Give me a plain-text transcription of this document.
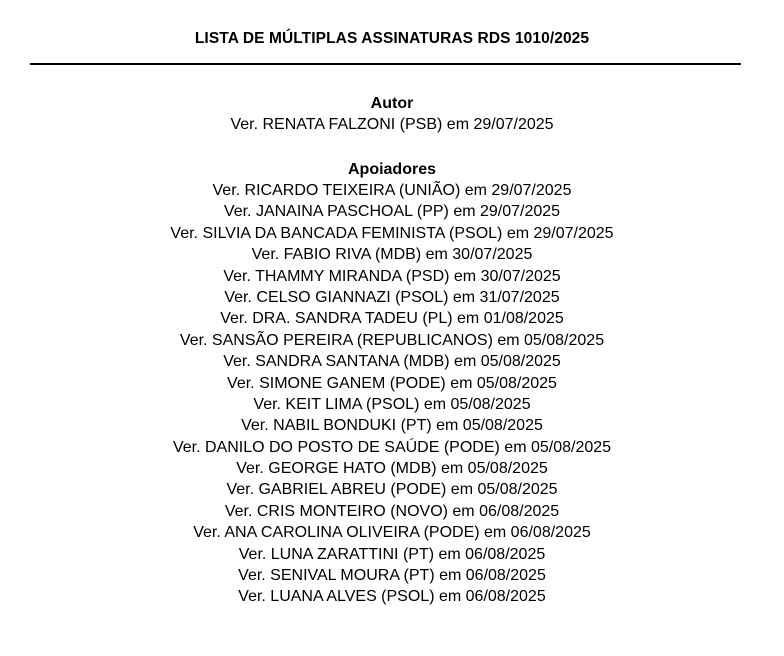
LISTA DE MÚLTIPLAS ASSINATURAS RDS 1010/2025
Autor
Ver. RENATA FALZONI (PSB) em 29/07/2025
Apoiadores
Ver. RICARDO TEIXEIRA (UNIÃO) em 29/07/2025
Ver. JANAINA PASCHOAL (PP) em 29/07/2025
Ver. SILVIA DA BANCADA FEMINISTA (PSOL) em 29/07/2025
Ver. FABIO RIVA (MDB) em 30/07/2025
Ver. THAMMY MIRANDA (PSD) em 30/07/2025
Ver. CELSO GIANNAZI (PSOL) em 31/07/2025
Ver. DRA. SANDRA TADEU (PL) em 01/08/2025
Ver. SANSÃO PEREIRA (REPUBLICANOS) em 05/08/2025
Ver. SANDRA SANTANA (MDB) em 05/08/2025
Ver. SIMONE GANEM (PODE) em 05/08/2025
Ver. KEIT LIMA (PSOL) em 05/08/2025
Ver. NABIL BONDUKI (PT) em 05/08/2025
Ver. DANILO DO POSTO DE SAÚDE (PODE) em 05/08/2025
Ver. GEORGE HATO (MDB) em 05/08/2025
Ver. GABRIEL ABREU (PODE) em 05/08/2025
Ver. CRIS MONTEIRO (NOVO) em 06/08/2025
Ver. ANA CAROLINA OLIVEIRA (PODE) em 06/08/2025
Ver. LUNA ZARATTINI (PT) em 06/08/2025
Ver. SENIVAL MOURA (PT) em 06/08/2025
Ver. LUANA ALVES (PSOL) em 06/08/2025
